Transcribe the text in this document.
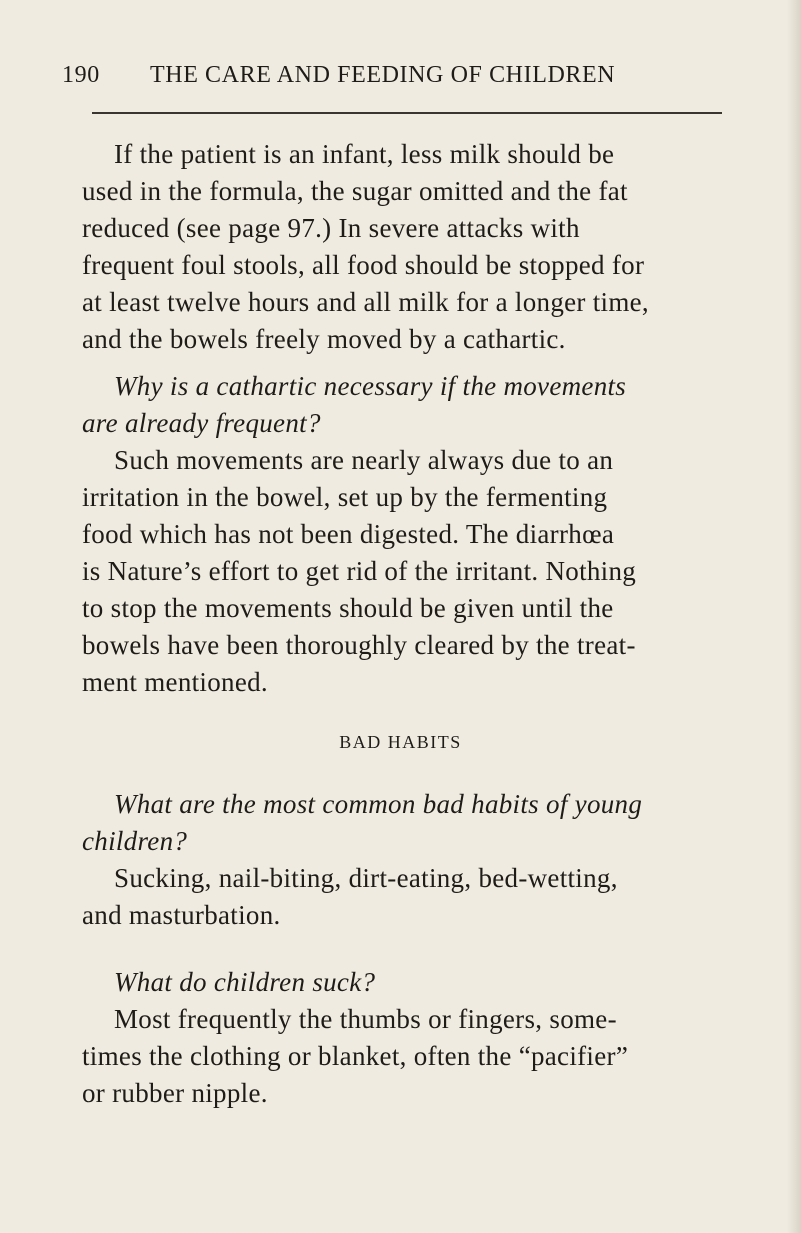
190 THE CARE AND FEEDING OF CHILDREN
If the patient is an infant, less milk should be
used in the formula, the sugar omitted and the fat
reduced (see page 97.) In severe attacks with
frequent foul stools, all food should be stopped for
at least twelve hours and all milk for a longer time,
and the bowels freely moved by a cathartic.
Why is a cathartic necessary if the movements
are already frequent?
Such movements are nearly always due to an
irritation in the bowel, set up by the fermenting
food which has not been digested. The diarrhœa
is Nature’s effort to get rid of the irritant. Nothing
to stop the movements should be given until the
bowels have been thoroughly cleared by the treat-
ment mentioned.
BAD HABITS
What are the most common bad habits of young
children?
Sucking, nail-biting, dirt-eating, bed-wetting,
and masturbation.
What do children suck?
Most frequently the thumbs or fingers, some-
times the clothing or blanket, often the “pacifier”
or rubber nipple.
